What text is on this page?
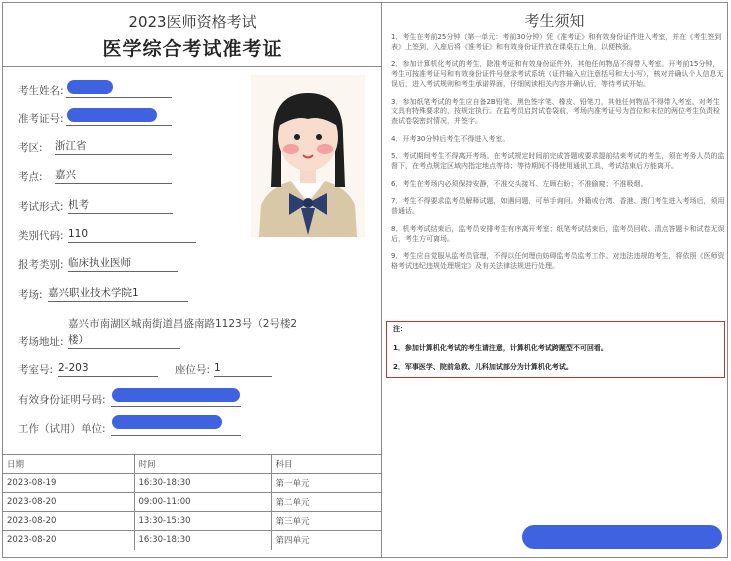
2023医师资格考试
医学综合考试准考证
考生姓名:
准考证号:
考区: 浙江省
考点: 嘉兴
考试形式: 机考
类别代码: 110
报考类别: 临床执业医师
考场: 嘉兴职业技术学院1
嘉兴市南湖区城南街道昌盛南路1123号（2号楼2
考场地址: 楼）
考室号: 2-203	座位号: 1
有效身份证明号码:
工作（试用）单位:
日期	时间	科目
2023-08-19	16:30-18:30	第一单元
2023-08-20	09:00-11:00	第二单元
2023-08-20	13:30-15:30	第三单元
2023-08-20	16:30-18:30	第四单元
考生须知
1．考生在考前25分钟（第一单元：考前30分钟）凭《准考证》和有效身份证件进入考室，并在《考生签到表》上签到，入座后将《准考证》和有效身份证件放在课桌右上角，以便核验。
2．参加计算机化考试的考生，除准考证和有效身份证件外，其他任何物品不得带入考室。开考前15分钟，考生可按准考证号和有效身份证件号登录考试系统（证件输入应注意括号和大小写），核对并确认个人信息无误后，进入考试规则和考生承诺界面，仔细阅读相关内容并确认后，等待考试开始。
3．参加纸笔考试的考生应自备2B铅笔、黑色签字笔、橡皮、铅笔刀，其他任何物品不得带入考室。对考生文具有特殊要求的，按规定执行。在监考员启封试卷袋前，考场内准考证号为首位和末位的两位考生负责检查试卷袋密封情况，并签字。
4．开考30分钟后考生不得进入考室。
5．考试期间考生不得离开考场。在考试规定时间前完成答题或要求提前结束考试的考生，须在考务人员的监督下，在考点规定区域内指定地点等待；等待期间不得使用通讯工具，考试结束后方能离开。
6．考生在考场内必须保持安静，不准交头接耳、左顾右盼；不准偷窥；不准吸烟。
7．考生不得要求监考员解释试题，如遇问题，可举手询问。外籍或台湾、香港、澳门考生进入考场后，须用普通话。
8．机考考试结束后，监考员安排考生有序离开考室；纸笔考试结束后，监考员回收、清点答题卡和试卷无误后，考生方可离场。
9．考生应自觉服从监考员管理，不得以任何理由妨碍监考员监考工作。对违法违规的考生，将依照《医师资格考试违纪违规处理规定》及有关法律法规进行处理。
注：
1．参加计算机化考试的考生请注意，计算机化考试跨题型不可回看。
2．军事医学、院前急救、儿科加试部分为计算机化考试。
